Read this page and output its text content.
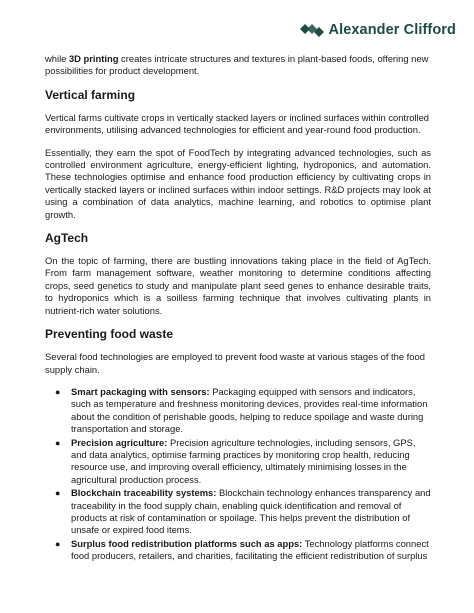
Alexander Clifford

while 3D printing creates intricate structures and textures in plant-based foods, offering new possibilities for product development.

Vertical farming

Vertical farms cultivate crops in vertically stacked layers or inclined surfaces within controlled environments, utilising advanced technologies for efficient and year-round food production.

Essentially, they earn the spot of FoodTech by integrating advanced technologies, such as controlled environment agriculture, energy-efficient lighting, hydroponics, and automation. These technologies optimise and enhance food production efficiency by cultivating crops in vertically stacked layers or inclined surfaces within indoor settings. R&D projects may look at using a combination of data analytics, machine learning, and robotics to optimise plant growth.

AgTech

On the topic of farming, there are bustling innovations taking place in the field of AgTech. From farm management software, weather monitoring to determine conditions affecting crops, seed genetics to study and manipulate plant seed genes to enhance desirable traits, to hydroponics which is a soilless farming technique that involves cultivating plants in nutrient-rich water solutions.

Preventing food waste

Several food technologies are employed to prevent food waste at various stages of the food supply chain.

● Smart packaging with sensors: Packaging equipped with sensors and indicators, such as temperature and freshness monitoring devices, provides real-time information about the condition of perishable goods, helping to reduce spoilage and waste during transportation and storage.
● Precision agriculture: Precision agriculture technologies, including sensors, GPS, and data analytics, optimise farming practices by monitoring crop health, reducing resource use, and improving overall efficiency, ultimately minimising losses in the agricultural production process.
● Blockchain traceability systems: Blockchain technology enhances transparency and traceability in the food supply chain, enabling quick identification and removal of products at risk of contamination or spoilage. This helps prevent the distribution of unsafe or expired food items.
● Surplus food redistribution platforms such as apps: Technology platforms connect food producers, retailers, and charities, facilitating the efficient redistribution of surplus
